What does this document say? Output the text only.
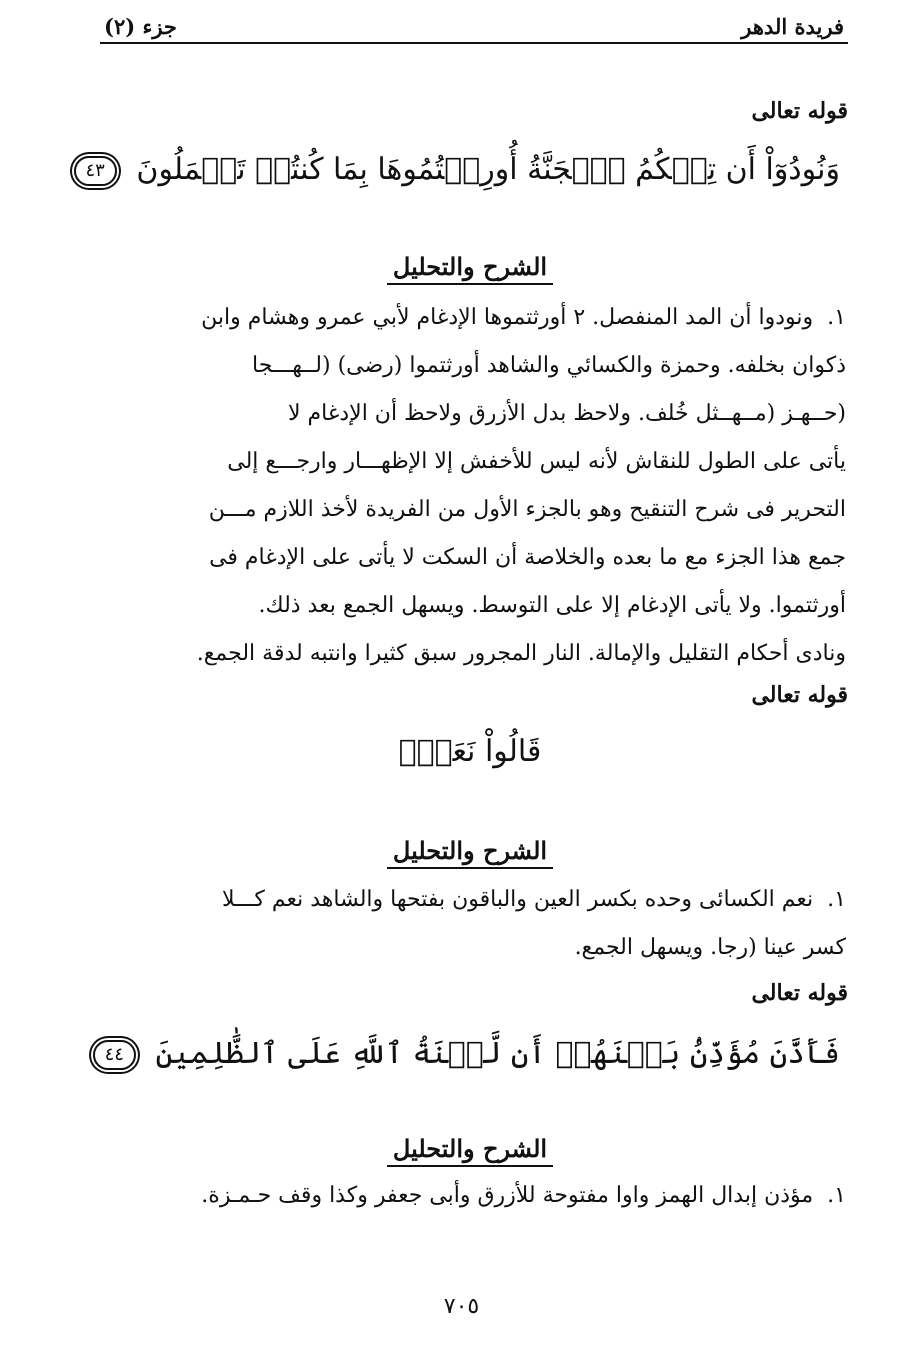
فريدة الدهر
جزء (٢)
قوله تعالى
وَنُودُوٓاْ أَن تِلۡكُمُ ٱلۡجَنَّةُ أُورِثۡتُمُوهَا بِمَا كُنتُمۡ تَعۡمَلُونَ ٤٣
الشرح والتحليل
١.ونودوا أن المد المنفصل. ٢ أورثتموها الإدغام لأبي عمرو وهشام وابن
ذكوان بخلفه. وحمزة والكسائي والشاهد أورثتموا (رضى) (لــهـــجا
(حــهـز (مــهــثل خُلف. ولاحظ بدل الأزرق ولاحظ أن الإدغام لا
يأتى على الطول للنقاش لأنه ليس للأخفش إلا الإظهـــار وارجـــع إلى
التحرير فى شرح التنقيح وهو بالجزء الأول من الفريدة لأخذ اللازم مـــن
جمع هذا الجزء مع ما بعده والخلاصة أن السكت لا يأتى على الإدغام فى
أورثتموا. ولا يأتى الإدغام إلا على التوسط. ويسهل الجمع بعد ذلك.
ونادى أحكام التقليل والإمالة. النار المجرور سبق كثيرا وانتبه لدقة الجمع.
قوله تعالى
قَالُواْ نَعَمۡۚ
الشرح والتحليل
١.نعم الكسائى وحده بكسر العين والباقون بفتحها والشاهد نعم كـــلا
كسر عينا (رجا. ويسهل الجمع.
قوله تعالى
فَأَذَّنَ مُؤَذِّنُۢ بَيۡنَهُمۡ أَن لَّعۡنَةُ ٱللَّهِ عَلَى ٱلظَّٰلِمِينَ ٤٤
الشرح والتحليل
١.مؤذن إبدال الهمز واوا مفتوحة للأزرق وأبى جعفر وكذا وقف حـمـزة.
٧٠٥
